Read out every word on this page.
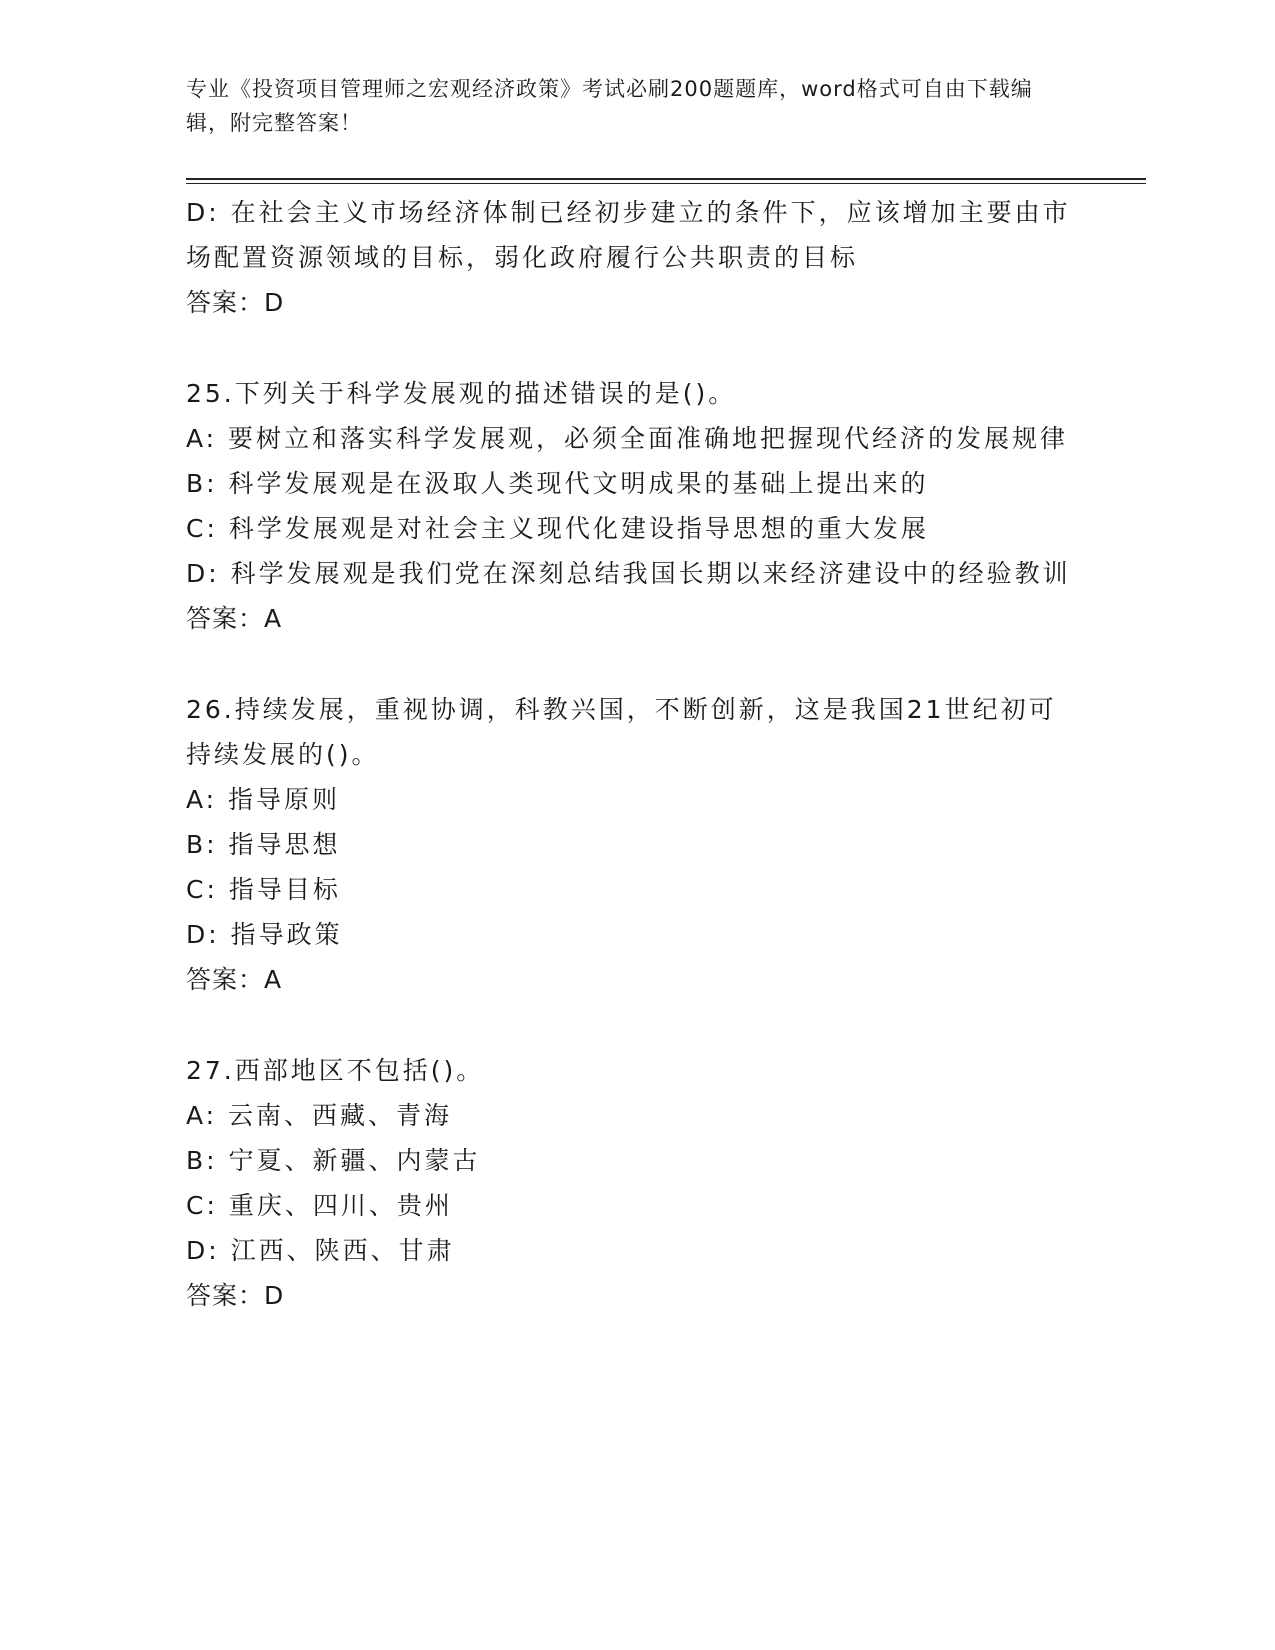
专业《投资项目管理师之宏观经济政策》考试必刷200题题库，word格式可自由下载编辑，附完整答案！
D: 在社会主义市场经济体制已经初步建立的条件下，应该增加主要由市场配置资源领域的目标，弱化政府履行公共职责的目标
答案：D
25.下列关于科学发展观的描述错误的是()。
A: 要树立和落实科学发展观，必须全面准确地把握现代经济的发展规律
B: 科学发展观是在汲取人类现代文明成果的基础上提出来的
C: 科学发展观是对社会主义现代化建设指导思想的重大发展
D: 科学发展观是我们党在深刻总结我国长期以来经济建设中的经验教训
答案：A
26.持续发展，重视协调，科教兴国，不断创新，这是我国21世纪初可持续发展的()。
A: 指导原则
B: 指导思想
C: 指导目标
D: 指导政策
答案：A
27.西部地区不包括()。
A: 云南、西藏、青海
B: 宁夏、新疆、内蒙古
C: 重庆、四川、贵州
D: 江西、陕西、甘肃
答案：D
